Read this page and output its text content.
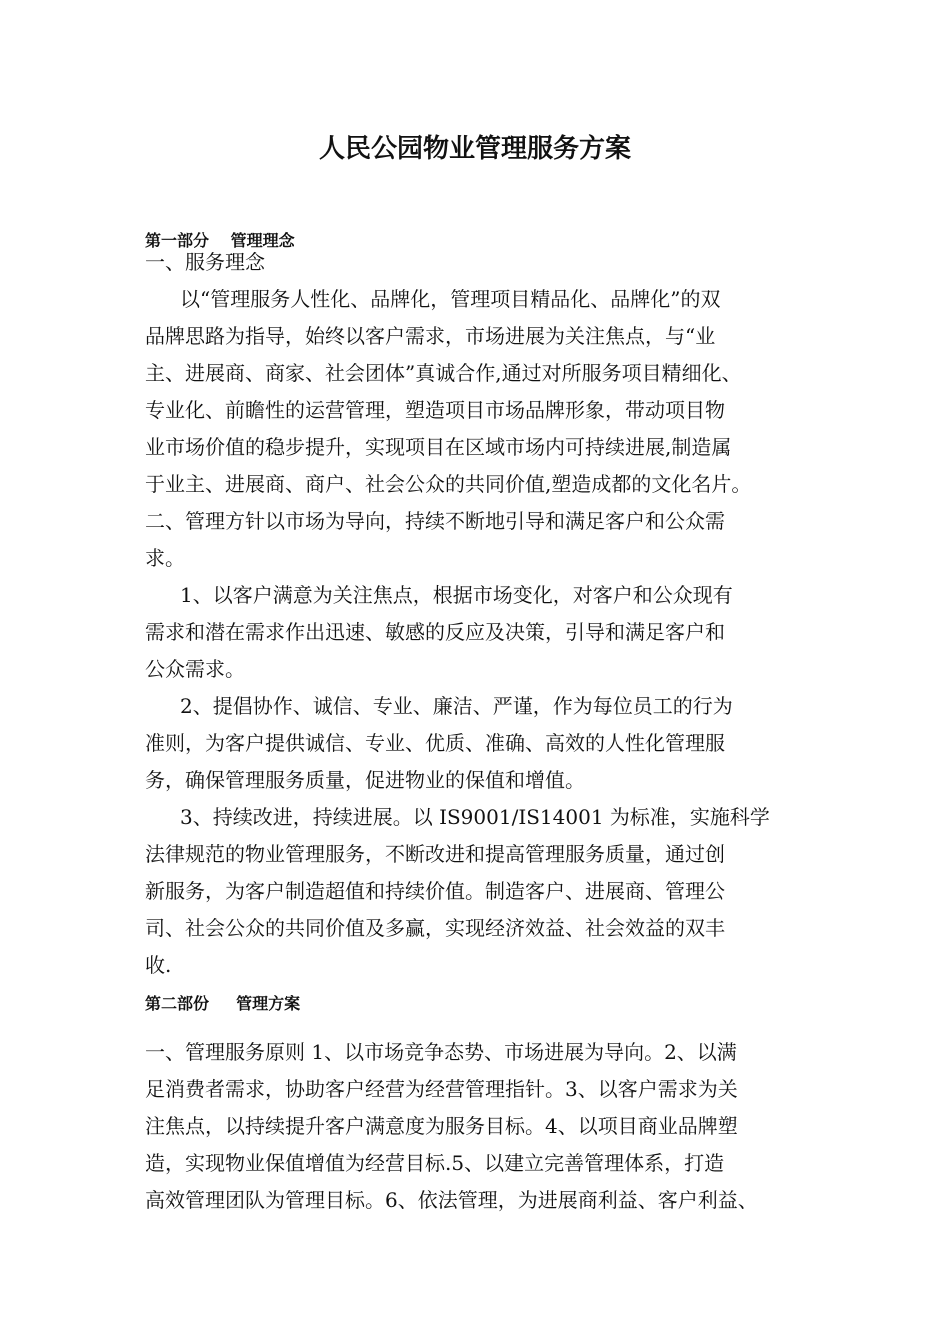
人民公园物业管理服务方案
第一部分　 管理理念
一、服务理念
以“管理服务人性化、品牌化，管理项目精品化、品牌化”的双
品牌思路为指导，始终以客户需求，市场进展为关注焦点，与“业
主、进展商、商家、社会团体”真诚合作,通过对所服务项目精细化、
专业化、前瞻性的运营管理，塑造项目市场品牌形象，带动项目物
业市场价值的稳步提升，实现项目在区域市场内可持续进展,制造属
于业主、进展商、商户、社会公众的共同价值,塑造成都的文化名片。
二、管理方针以市场为导向，持续不断地引导和满足客户和公众需
求。
1、以客户满意为关注焦点，根据市场变化，对客户和公众现有
需求和潜在需求作出迅速、敏感的反应及决策，引导和满足客户和
公众需求。
2、提倡协作、诚信、专业、廉洁、严谨，作为每位员工的行为
准则，为客户提供诚信、专业、优质、准确、高效的人性化管理服
务，确保管理服务质量，促进物业的保值和增值。
3、持续改进，持续进展。以 IS9001/IS14001 为标准，实施科学
法律规范的物业管理服务，不断改进和提高管理服务质量，通过创
新服务，为客户制造超值和持续价值。制造客户、进展商、管理公
司、社会公众的共同价值及多赢，实现经济效益、社会效益的双丰
收.
第二部份　  管理方案
一、管理服务原则 1、以市场竞争态势、市场进展为导向。2、以满
足消费者需求，协助客户经营为经营管理指针。3、以客户需求为关
注焦点，以持续提升客户满意度为服务目标。4、以项目商业品牌塑
造，实现物业保值增值为经营目标.5、以建立完善管理体系，打造
高效管理团队为管理目标。6、依法管理，为进展商利益、客户利益、
